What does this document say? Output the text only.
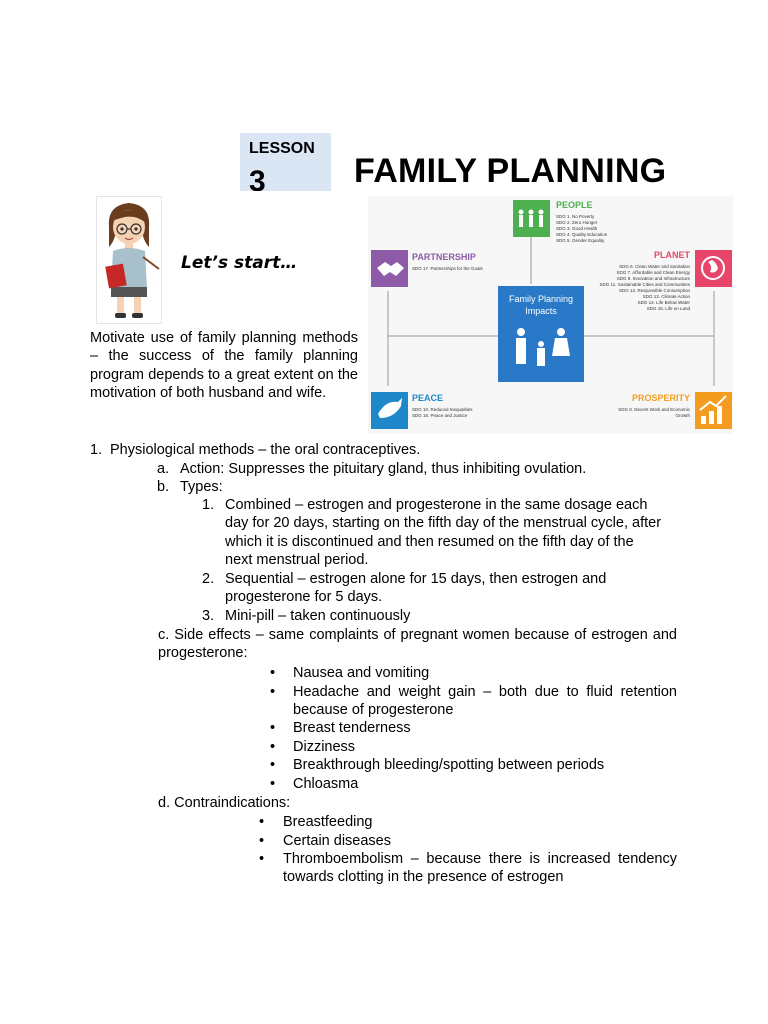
LESSON
3	FAMILY PLANNING
Let’s start…
Motivate use of family planning methods – the success of the family planning program depends to a great extent on the motivation of both husband and wife.
Family Planning
Impacts
PEOPLE
SDG 1. No Poverty
SDG 2. Zero Hunger
SDG 3. Good Health
SDG 4. Quality Education
SDG 5. Gender Equality
PARTNERSHIP
SDG 17. Partnerships for the Goals
PLANET
SDG 6. Clean Water and Sanitation
SDG 7. Affordable and Clean Energy
SDG 9. Innovation and Infrastructure
SDG 11. Sustainable Cities and Communities
SDG 12. Responsible Consumption
SDG 13. Climate Action
SDG 14. Life Below Water
SDG 15. Life on Land
PEACE
SDG 10. Reduced Inequalities
SDG 16. Peace and Justice
PROSPERITY
SDG 8. Decent Work and Economic
Growth
1. Physiological methods – the oral contraceptives.
a. Action: Suppresses the pituitary gland, thus inhibiting ovulation.
b. Types:
1. Combined – estrogen and progesterone in the same dosage each day for 20 days, starting on the fifth day of the menstrual cycle, after which it is discontinued and then resumed on the fifth day of the next menstrual period.
2. Sequential – estrogen alone for 15 days, then estrogen and progesterone for 5 days.
3. Mini-pill – taken continuously
c. Side effects – same complaints of pregnant women because of estrogen and progesterone:
• Nausea and vomiting
• Headache and weight gain – both due to fluid retention because of progesterone
• Breast tenderness
• Dizziness
• Breakthrough bleeding/spotting between periods
• Chloasma
d. Contraindications:
• Breastfeeding
• Certain diseases
• Thromboembolism – because there is increased tendency towards clotting in the presence of estrogen
